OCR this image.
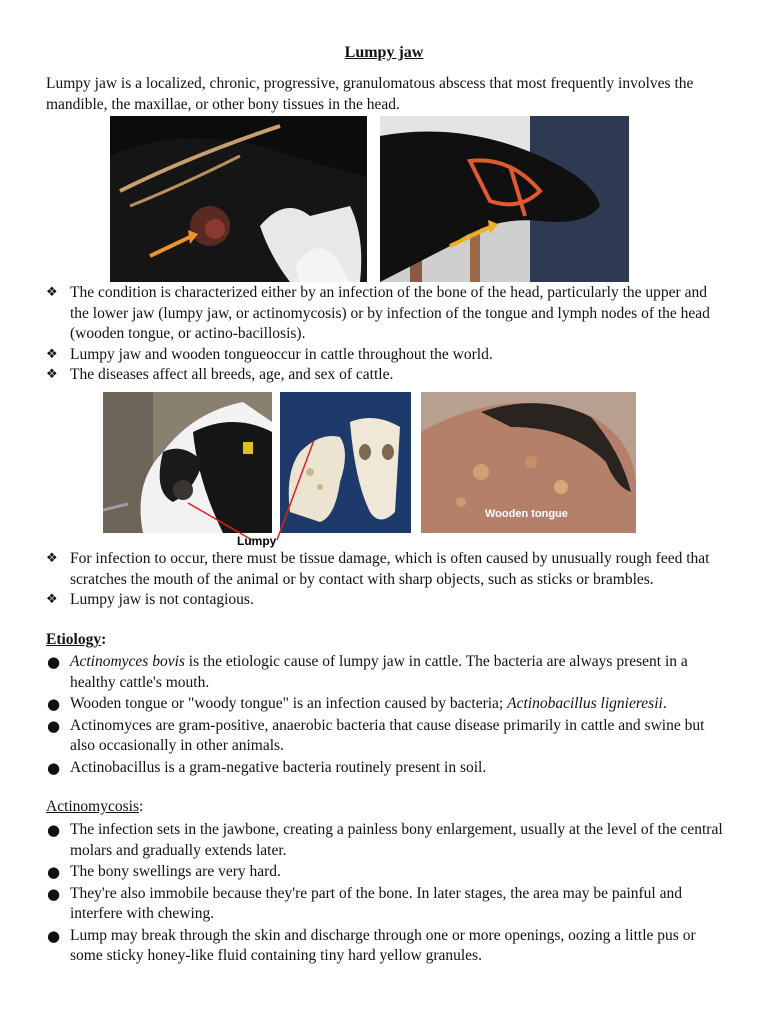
Lumpy jaw
Lumpy jaw is a localized, chronic, progressive, granulomatous abscess that most frequently involves the mandible, the maxillae, or other bony tissues in the head.
❖ The condition is characterized either by an infection of the bone of the head, particularly the upper and the lower jaw (lumpy jaw, or actinomycosis) or by infection of the tongue and lymph nodes of the head (wooden tongue, or actino-bacillosis).
❖ Lumpy jaw and wooden tongueoccur in cattle throughout the world.
❖ The diseases affect all breeds, age, and sex of cattle.
Lumpy
Wooden tongue
❖ For infection to occur, there must be tissue damage, which is often caused by unusually rough feed that scratches the mouth of the animal or by contact with sharp objects, such as sticks or brambles.
❖ Lumpy jaw is not contagious.
Etiology:
● Actinomyces bovis is the etiologic cause of lumpy jaw in cattle. The bacteria are always present in a healthy cattle's mouth.
● Wooden tongue or "woody tongue" is an infection caused by bacteria; Actinobacillus lignieresii.
● Actinomyces are gram-positive, anaerobic bacteria that cause disease primarily in cattle and swine but also occasionally in other animals.
● Actinobacillus is a gram-negative bacteria routinely present in soil.
Actinomycosis:
● The infection sets in the jawbone, creating a painless bony enlargement, usually at the level of the central molars and gradually extends later.
● The bony swellings are very hard.
● They're also immobile because they're part of the bone. In later stages, the area may be painful and interfere with chewing.
● Lump may break through the skin and discharge through one or more openings, oozing a little pus or some sticky honey-like fluid containing tiny hard yellow granules.
